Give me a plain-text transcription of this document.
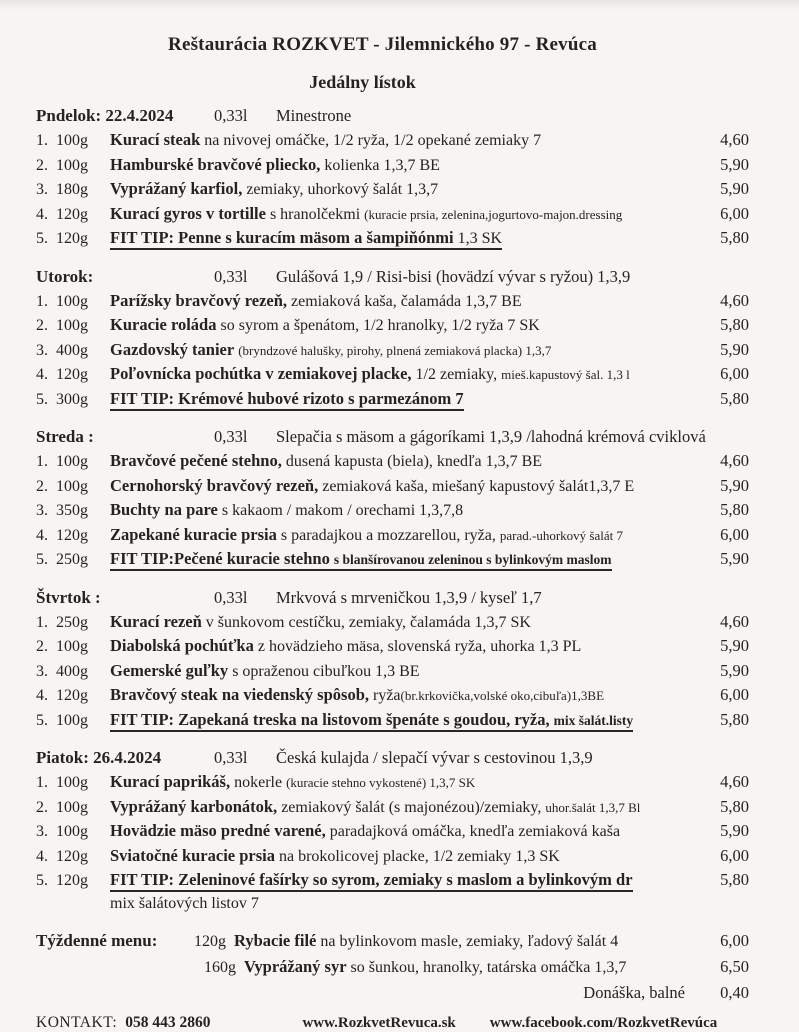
Reštaurácia ROZKVET - Jilemnického 97 - Revúca
Jedálny lístok
Pndelok: 22.4.2024	0,33l	Minestrone
1. 100g	Kurací steak na nivovej omáčke, 1/2 ryža, 1/2 opekané zemiaky 7	4,60
2. 100g	Hamburské bravčové pliecko, kolienka 1,3,7 BE	5,90
3. 180g	Vyprážaný karfiol, zemiaky, uhorkový šalát 1,3,7	5,90
4. 120g	Kurací gyros v tortille s hranolčekmi (kuracie prsia, zelenina,jogurtovo-majon.dressing	6,00
5. 120g	FIT TIP: Penne s kuracím mäsom a šampiňónmi 1,3 SK	5,80
Utorok:	0,33l	Gulášová 1,9 / Risi-bisi (hovädzí vývar s ryžou) 1,3,9
1. 100g	Parížsky bravčový rezeň, zemiaková kaša, čalamáda 1,3,7 BE	4,60
2. 100g	Kuracie roláda so syrom a špenátom, 1/2 hranolky, 1/2 ryža 7 SK	5,80
3. 400g	Gazdovský tanier (bryndzové halušky, pirohy, plnená zemiaková placka) 1,3,7	5,90
4. 120g	Poľovnícka pochútka v zemiakovej placke, 1/2 zemiaky, mieš.kapustový šal. 1,3 l	6,00
5. 300g	FIT TIP: Krémové hubové rizoto s parmezánom 7	5,80
Streda :	0,33l	Slepačia s mäsom a gágoríkami 1,3,9 /lahodná krémová cviklová
1. 100g	Bravčové pečené stehno, dusená kapusta (biela), knedľa 1,3,7 BE	4,60
2. 100g	Cernohorský bravčový rezeň, zemiaková kaša, miešaný kapustový šalát1,3,7 E	5,90
3. 350g	Buchty na pare s kakaom / makom / orechami 1,3,7,8	5,80
4. 120g	Zapekané kuracie prsia s paradajkou a mozzarellou, ryža, parad.-uhorkový šalát 7	6,00
5. 250g	FIT TIP:Pečené kuracie stehno s blanšírovanou zeleninou s bylinkovým maslom	5,90
Štvrtok :	0,33l	Mrkvová s mrveničkou 1,3,9 / kyseľ 1,7
1. 250g	Kurací rezeň v šunkovom cestíčku, zemiaky, čalamáda 1,3,7 SK	4,60
2. 100g	Diabolská pochúťka z hovädzieho mäsa, slovenská ryža, uhorka 1,3 PL	5,90
3. 400g	Gemerské guľky s opraženou cibuľkou 1,3 BE	5,90
4. 120g	Bravčový steak na viedenský spôsob, ryža(br.krkovička,volské oko,cibuľa)1,3BE	6,00
5. 100g	FIT TIP: Zapekaná treska na listovom špenáte s goudou, ryža, mix šalát.listy	5,80
Piatok: 26.4.2024	0,33l	Česká kulajda / slepačí vývar s cestovinou 1,3,9
1. 100g	Kurací paprikáš, nokerle (kuracie stehno vykostené) 1,3,7 SK	4,60
2. 100g	Vyprážaný karbonátok, zemiakový šalát (s majonézou)/zemiaky, uhor.šalát 1,3,7 Bl	5,80
3. 100g	Hovädzie mäso predné varené, paradajková omáčka, knedľa zemiaková kaša	5,90
4. 120g	Sviatočné kuracie prsia na brokolicovej placke, 1/2 zemiaky 1,3 SK	6,00
5. 120g	FIT TIP: Zeleninové fašírky so syrom, zemiaky s maslom a bylinkovým dr	5,80
mix šalátových listov 7
Týždenné menu:	120g Rybacie filé na bylinkovom masle, zemiaky, ľadový šalát 4	6,00
160g Vyprážaný syr so šunkou, hranolky, tatárska omáčka 1,3,7	6,50
Donáška, balné	0,40
KONTAKT: 058 443 2860	www.RozkvetRevuca.sk www.facebook.com/RozkvetRevúca
